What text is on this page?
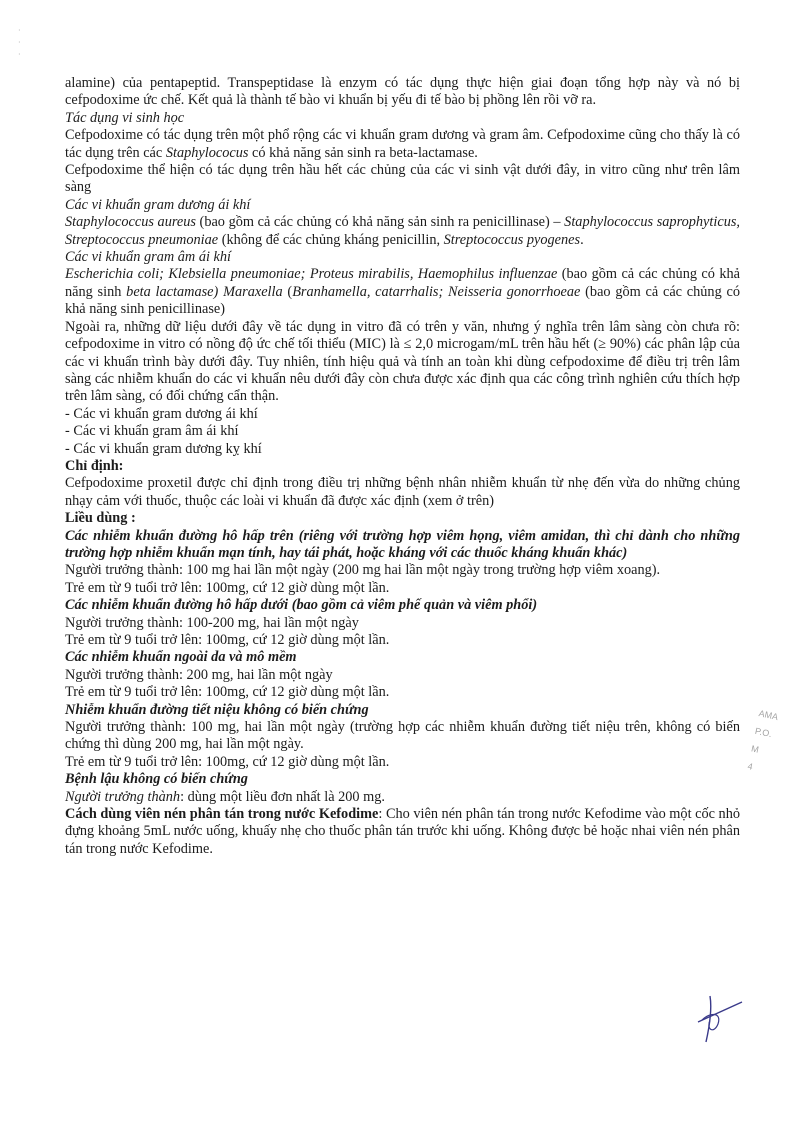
·
·
·

alamine) của pentapeptid. Transpeptidase là enzym có tác dụng thực hiện giai đoạn tổng hợp này và nó bị cefpodoxime ức chế. Kết quả là thành tế bào vi khuẩn bị yếu đi tế bào bị phồng lên rồi vỡ ra.

Tác dụng vi sinh học

Cefpodoxime có tác dụng trên một phổ rộng các vi khuẩn gram dương và gram âm. Cefpodoxime cũng cho thấy là có tác dụng trên các Staphylococus có khả năng sản sinh ra beta-lactamase.

Cefpodoxime thể hiện có tác dụng trên hầu hết các chủng của các vi sinh vật dưới đây, in vitro cũng như trên lâm sàng

Các vi khuẩn gram dương ái khí

Staphylococcus aureus (bao gồm cả các chủng có khả năng sản sinh ra penicillinase) – Staphylococcus saprophyticus, Streptococcus pneumoniae (không để các chủng kháng penicillin, Streptococcus pyogenes.

Các vi khuẩn gram âm ái khí

Escherichia coli; Klebsiella pneumoniae; Proteus mirabilis, Haemophilus influenzae (bao gồm cả các chủng có khả năng sinh beta lactamase) Maraxella (Branhamella, catarrhalis; Neisseria gonorrhoeae (bao gồm cả các chủng có khả năng sinh penicillinase)

Ngoài ra, những dữ liệu dưới đây về tác dụng in vitro đã có trên y văn, nhưng ý nghĩa trên lâm sàng còn chưa rõ: cefpodoxime in vitro có nồng độ ức chế tối thiểu (MIC) là ≤ 2,0 microgam/mL trên hầu hết (≥ 90%) các phân lập của các vi khuẩn trình bày dưới đây. Tuy nhiên, tính hiệu quả và tính an toàn khi dùng cefpodoxime để điều trị trên lâm sàng các nhiễm khuẩn do các vi khuẩn nêu dưới đây còn chưa được xác định qua các công trình nghiên cứu thích hợp trên lâm sàng, có đối chứng cẩn thận.

- Các vi khuẩn gram dương ái khí

- Các vi khuẩn gram âm ái khí

- Các vi khuẩn gram dương kỵ khí

Chỉ định:

Cefpodoxime proxetil được chỉ định trong điều trị những bệnh nhân nhiễm khuẩn từ nhẹ đến vừa do những chủng nhạy cảm với thuốc, thuộc các loài vi khuẩn đã được xác định (xem ở trên)

Liều dùng :

Các nhiễm khuẩn đường hô hấp trên (riêng với trường hợp viêm họng, viêm amidan, thì chỉ dành cho những trường hợp nhiễm khuẩn mạn tính, hay tái phát, hoặc kháng với các thuốc kháng khuẩn khác)

Người trưởng thành: 100 mg hai lần một ngày (200 mg hai lần một ngày trong trường hợp viêm xoang).

Trẻ em từ 9 tuổi trở lên: 100mg, cứ 12 giờ dùng một lần.

Các nhiễm khuẩn đường hô hấp dưới (bao gồm cả viêm phế quản và viêm phổi)

Người trưởng thành: 100-200 mg, hai lần một ngày

Trẻ em từ 9 tuổi trở lên: 100mg, cứ 12 giờ dùng một lần.

Các nhiễm khuẩn ngoài da và mô mềm

Người trưởng thành: 200 mg, hai lần một ngày

Trẻ em từ 9 tuổi trở lên: 100mg, cứ 12 giờ dùng một lần.

Nhiễm khuẩn đường tiết niệu không có biến chứng

Người trưởng thành: 100 mg, hai lần một ngày (trường hợp các nhiễm khuẩn đường tiết niệu trên, không có biến chứng thì dùng 200 mg, hai lần một ngày.

Trẻ em từ 9 tuổi trở lên: 100mg, cứ 12 giờ dùng một lần.

Bệnh lậu không có biến chứng

Người trưởng thành: dùng một liều đơn nhất là 200 mg.

Cách dùng viên nén phân tán trong nước Kefodime: Cho viên nén phân tán trong nước Kefodime vào một cốc nhỏ đựng khoảng 5mL nước uống, khuấy nhẹ cho thuốc phân tán trước khi uống. Không được bẻ hoặc nhai viên nén phân tán trong nước Kefodime.

AMA
P.O.
M
4
